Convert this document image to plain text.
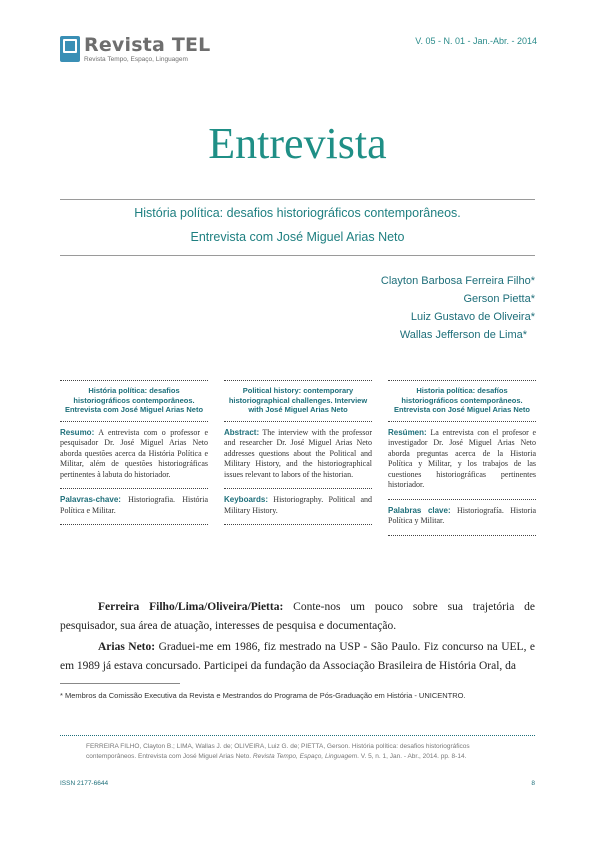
Revista TEL
Revista Tempo, Espaço, Linguagem
V. 05 - N. 01 - Jan.-Abr. - 2014
Entrevista
História política: desafios historiográficos contemporâneos.
Entrevista com José Miguel Arias Neto
Clayton Barbosa Ferreira Filho*
Gerson Pietta*
Luiz Gustavo de Oliveira*
Wallas Jefferson de Lima*
História política: desafios historiográficos contemporâneos. Entrevista com José Miguel Arias Neto
Resumo: A entrevista com o professor e pesquisador Dr. José Miguel Arias Neto aborda questões acerca da História Política e Militar, além de questões historiográficas pertinentes à labuta do historiador.
Palavras-chave: Historiografia. História Política e Militar.
Political history: contemporary historiographical challenges. Interview with José Miguel Arias Neto
Abstract: The interview with the professor and researcher Dr. José Miguel Arias Neto addresses questions about the Political and Military History, and the historiographical issues relevant to labors of the historian.
Keyboards: Historiography. Political and Military History.
Historia política: desafíos historiográficos contemporâneos. Entrevista con José Miguel Arias Neto
Resúmen: La entrevista con el profesor e investigador Dr. José Miguel Arias Neto aborda preguntas acerca de la Historia Política y Militar, y los trabajos de las cuestiones historiográficas pertinentes historiador.
Palabras clave: Historiografía. Historia Política y Militar.
Ferreira Filho/Lima/Oliveira/Pietta: Conte-nos um pouco sobre sua trajetória de pesquisador, sua área de atuação, interesses de pesquisa e documentação.
Arias Neto: Graduei-me em 1986, fiz mestrado na USP - São Paulo. Fiz concurso na UEL, e em 1989 já estava concursado. Participei da fundação da Associação Brasileira de História Oral, da
* Membros da Comissão Executiva da Revista e Mestrandos do Programa de Pós-Graduação em História - UNICENTRO.
FERREIRA FILHO, Clayton B.; LIMA, Wallas J. de; OLIVEIRA, Luiz G. de; PIETTA, Gerson. História política: desafios historiográficos contemporâneos. Entrevista com José Miguel Arias Neto. Revista Tempo, Espaço, Linguagem. V. 5, n. 1, Jan. - Abr., 2014. pp. 8-14.
ISSN 2177-6644	8
